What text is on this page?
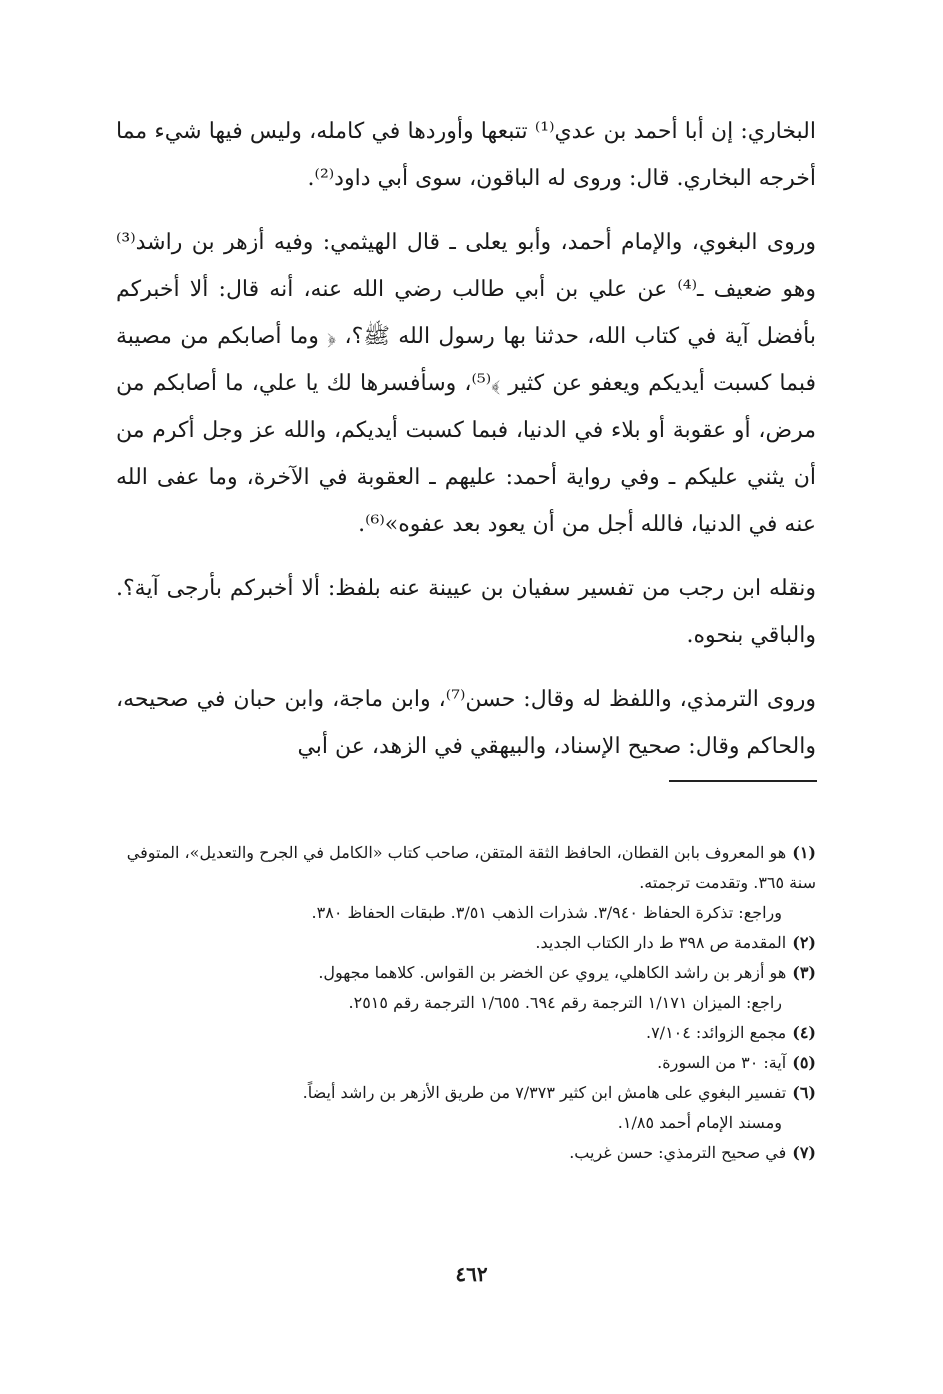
البخاري: إن أبا أحمد بن عدي⁽¹⁾ تتبعها وأوردها في كامله، وليس فيها شيء مما أخرجه البخاري. قال: وروى له الباقون، سوى أبي داود⁽²⁾.

وروى البغوي، والإمام أحمد، وأبو يعلى ـ قال الهيثمي: وفيه أزهر بن راشد⁽³⁾ وهو ضعيف ـ⁽⁴⁾ عن علي بن أبي طالب رضي الله عنه، أنه قال: ألا أخبركم بأفضل آية في كتاب الله، حدثنا بها رسول الله ﷺ؟، ﴿ وما أصابكم من مصيبة فبما كسبت أيديكم ويعفو عن كثير ﴾⁽⁵⁾، وسأفسرها لك يا علي، ما أصابكم من مرض، أو عقوبة أو بلاء في الدنيا، فبما كسبت أيديكم، والله عز وجل أكرم من أن يثني عليكم ـ وفي رواية أحمد: عليهم ـ العقوبة في الآخرة، وما عفى الله عنه في الدنيا، فالله أجل من أن يعود بعد عفوه»⁽⁶⁾.

ونقله ابن رجب من تفسير سفيان بن عيينة عنه بلفظ: ألا أخبركم بأرجى آية؟. والباقي بنحوه.

وروى الترمذي، واللفظ له وقال: حسن⁽⁷⁾، وابن ماجة، وابن حبان في صحيحه، والحاكم وقال: صحيح الإسناد، والبيهقي في الزهد، عن أبي

(١)هو المعروف بابن القطان، الحافظ الثقة المتقن، صاحب كتاب «الكامل في الجرح والتعديل»، المتوفي سنة ٣٦٥. وتقدمت ترجمته.

وراجع: تذكرة الحفاظ ٣/٩٤٠. شذرات الذهب ٣/٥١. طبقات الحفاظ ٣٨٠.

(٢)المقدمة ص ٣٩٨ ط دار الكتاب الجديد.

(٣)هو أزهر بن راشد الكاهلي، يروي عن الخضر بن القواس. كلاهما مجهول.

راجع: الميزان ١/١٧١ الترجمة رقم ٦٩٤. ١/٦٥٥ الترجمة رقم ٢٥١٥.

(٤)مجمع الزوائد: ٧/١٠٤.

(٥)آية: ٣٠ من السورة.

(٦)تفسير البغوي على هامش ابن كثير ٧/٣٧٣ من طريق الأزهر بن راشد أيضاً.

ومسند الإمام أحمد ١/٨٥.

(٧)في صحيح الترمذي: حسن غريب.

٤٦٢
